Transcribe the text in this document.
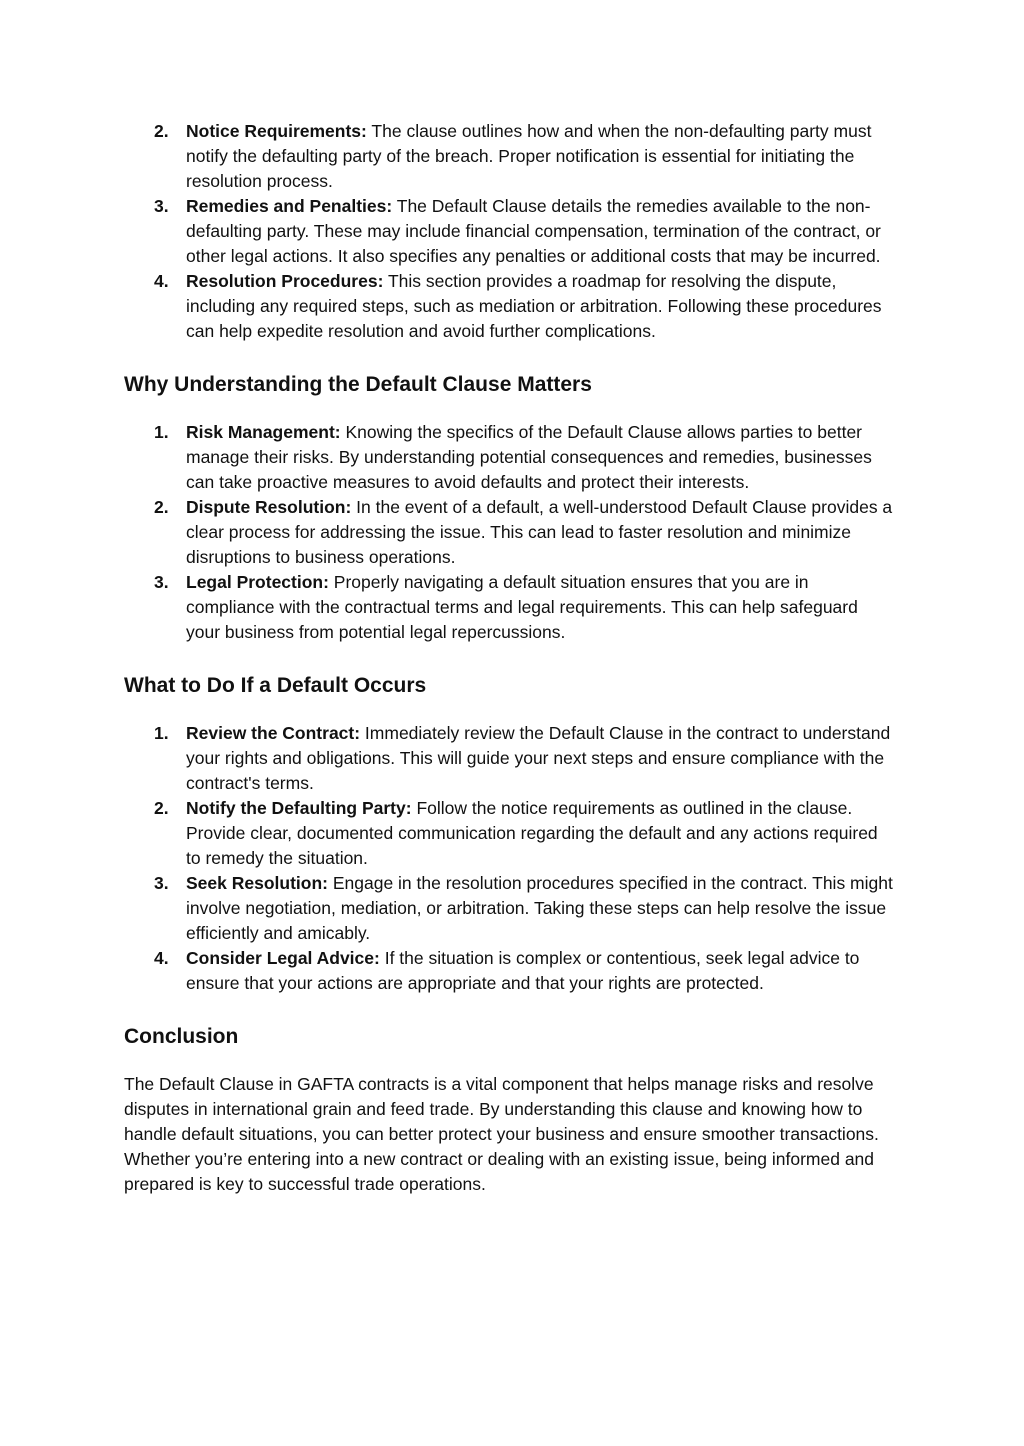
2. Notice Requirements: The clause outlines how and when the non-defaulting party must notify the defaulting party of the breach. Proper notification is essential for initiating the resolution process.
3. Remedies and Penalties: The Default Clause details the remedies available to the non-defaulting party. These may include financial compensation, termination of the contract, or other legal actions. It also specifies any penalties or additional costs that may be incurred.
4. Resolution Procedures: This section provides a roadmap for resolving the dispute, including any required steps, such as mediation or arbitration. Following these procedures can help expedite resolution and avoid further complications.
Why Understanding the Default Clause Matters
1. Risk Management: Knowing the specifics of the Default Clause allows parties to better manage their risks. By understanding potential consequences and remedies, businesses can take proactive measures to avoid defaults and protect their interests.
2. Dispute Resolution: In the event of a default, a well-understood Default Clause provides a clear process for addressing the issue. This can lead to faster resolution and minimize disruptions to business operations.
3. Legal Protection: Properly navigating a default situation ensures that you are in compliance with the contractual terms and legal requirements. This can help safeguard your business from potential legal repercussions.
What to Do If a Default Occurs
1. Review the Contract: Immediately review the Default Clause in the contract to understand your rights and obligations. This will guide your next steps and ensure compliance with the contract's terms.
2. Notify the Defaulting Party: Follow the notice requirements as outlined in the clause. Provide clear, documented communication regarding the default and any actions required to remedy the situation.
3. Seek Resolution: Engage in the resolution procedures specified in the contract. This might involve negotiation, mediation, or arbitration. Taking these steps can help resolve the issue efficiently and amicably.
4. Consider Legal Advice: If the situation is complex or contentious, seek legal advice to ensure that your actions are appropriate and that your rights are protected.
Conclusion

The Default Clause in GAFTA contracts is a vital component that helps manage risks and resolve disputes in international grain and feed trade. By understanding this clause and knowing how to handle default situations, you can better protect your business and ensure smoother transactions. Whether you’re entering into a new contract or dealing with an existing issue, being informed and prepared is key to successful trade operations.
